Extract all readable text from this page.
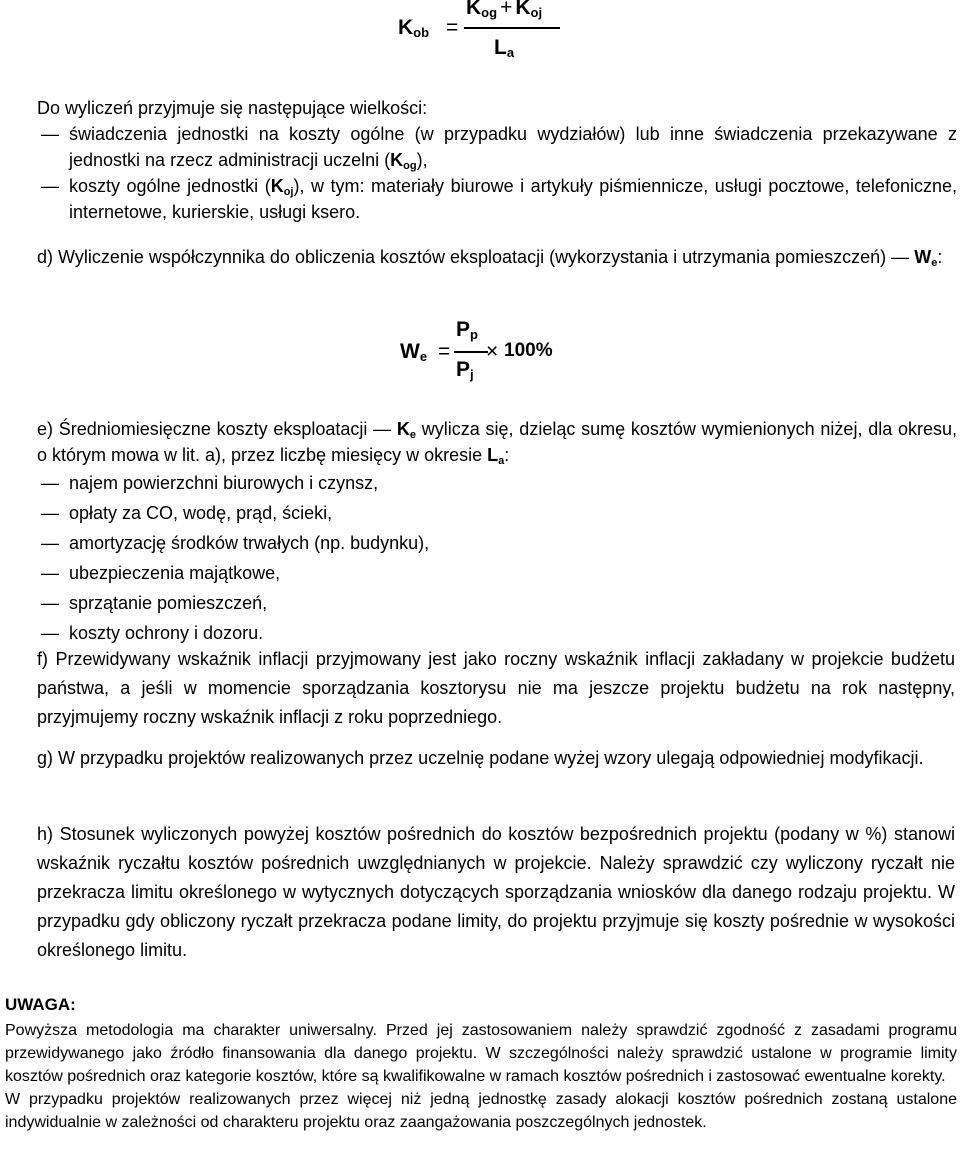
$K_{ob}$ =
$K_{og} + K_{oj}$
$L_a$
Do wyliczeń przyjmuje się następujące wielkości:
— świadczenia jednostki na koszty ogólne (w przypadku wydziałów) lub inne świadczenia przekazywane z jednostki na rzecz administracji uczelni $(K_{og})$,
— koszty ogólne jednostki $(K_{oj})$, w tym: materiały biurowe i artykuły piśmiennicze, usługi pocztowe, telefoniczne, internetowe, kurierskie, usługi ksero.
d) Wyliczenie współczynnika do obliczenia kosztów eksploatacji (wykorzystania i utrzymania pomieszczeń) — $W_e$:
$W_e$ =
$P_p$
$P_j$
× 100%
e) Średniomiesięczne koszty eksploatacji — $K_e$ wylicza się, dzieląc sumę kosztów wymienionych niżej, dla okresu, o którym mowa w lit. a), przez liczbę miesięcy w okresie $L_a$:
— najem powierzchni biurowych i czynsz,
— opłaty za CO, wodę, prąd, ścieki,
— amortyzację środków trwałych (np. budynku),
— ubezpieczenia majątkowe,
— sprzątanie pomieszczeń,
— koszty ochrony i dozoru.
f) Przewidywany wskaźnik inflacji przyjmowany jest jako roczny wskaźnik inflacji zakładany w projekcie budżetu państwa, a jeśli w momencie sporządzania kosztorysu nie ma jeszcze projektu budżetu na rok następny, przyjmujemy roczny wskaźnik inflacji z roku poprzedniego.
g) W przypadku projektów realizowanych przez uczelnię podane wyżej wzory ulegają odpowiedniej modyfikacji.
h) Stosunek wyliczonych powyżej kosztów pośrednich do kosztów bezpośrednich projektu (podany w %) stanowi wskaźnik ryczałtu kosztów pośrednich uwzględnianych w projekcie. Należy sprawdzić czy wyliczony ryczałt nie przekracza limitu określonego w wytycznych dotyczących sporządzania wniosków dla danego rodzaju projektu. W przypadku gdy obliczony ryczałt przekracza podane limity, do projektu przyjmuje się koszty pośrednie w wysokości określonego limitu.
UWAGA:
Powyższa metodologia ma charakter uniwersalny. Przed jej zastosowaniem należy sprawdzić zgodność z zasadami programu przewidywanego jako źródło finansowania dla danego projektu. W szczególności należy sprawdzić ustalone w programie limity kosztów pośrednich oraz kategorie kosztów, które są kwalifikowalne w ramach kosztów pośrednich i zastosować ewentualne korekty.
W przypadku projektów realizowanych przez więcej niż jedną jednostkę zasady alokacji kosztów pośrednich zostaną ustalone indywidualnie w zależności od charakteru projektu oraz zaangażowania poszczególnych jednostek.
